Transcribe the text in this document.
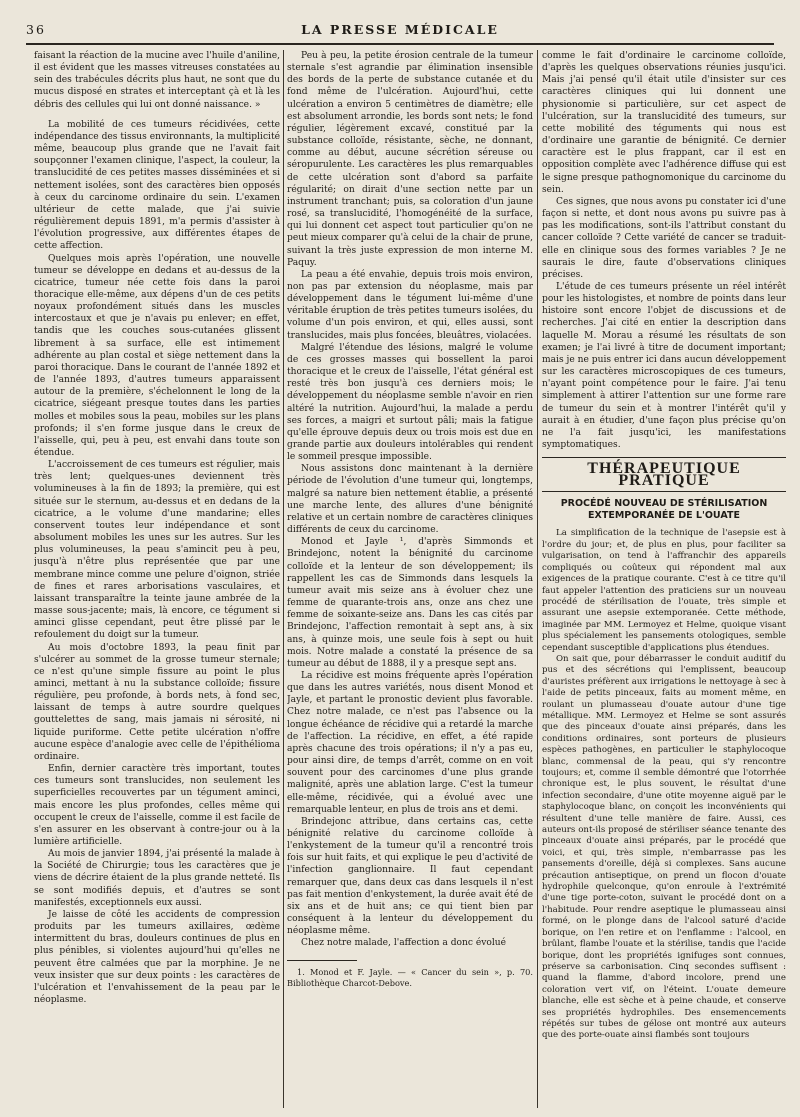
36	LA PRESSE MÉDICALE

faisant la réaction de la mucine avec l'huile d'aniline, il est évident que les masses vitreuses constatées au sein des trabécules décrits plus haut, ne sont que du mucus disposé en strates et interceptant çà et là les débris des cellules qui lui ont donné naissance. »

La mobilité de ces tumeurs récidivées, cette indépendance des tissus environnants, la multiplicité même, beaucoup plus grande que ne l'avait fait soupçonner l'examen clinique, l'aspect, la couleur, la translucidité de ces petites masses disséminées et si nettement isolées, sont des caractères bien opposés à ceux du carcinome ordinaire du sein. L'examen ultérieur de cette malade, que j'ai suivie régulièrement depuis 1891, m'a permis d'assister à l'évolution progressive, aux différentes étapes de cette affection.

Quelques mois après l'opération, une nouvelle tumeur se développe en dedans et au-dessus de la cicatrice, tumeur née cette fois dans la paroi thoracique elle-même, aux dépens d'un de ces petits noyaux profondément situés dans les muscles intercostaux et que je n'avais pu enlever; en effet, tandis que les couches sous-cutanées glissent librement à sa surface, elle est intimement adhérente au plan costal et siège nettement dans la paroi thoracique. Dans le courant de l'année 1892 et de l'année 1893, d'autres tumeurs apparaissent autour de la première, s'échelonnent le long de la cicatrice, siégeant presque toutes dans les parties molles et mobiles sous la peau, mobiles sur les plans profonds; il s'en forme jusque dans le creux de l'aisselle, qui, peu à peu, est envahi dans toute son étendue.

L'accroissement de ces tumeurs est régulier, mais très lent; quelques-unes deviennent très volumineuses à la fin de 1893; la première, qui est située sur le sternum, au-dessus et en dedans de la cicatrice, a le volume d'une mandarine; elles conservent toutes leur indépendance et sont absolument mobiles les unes sur les autres. Sur les plus volumineuses, la peau s'amincit peu à peu, jusqu'à n'être plus représentée que par une membrane mince comme une pelure d'oignon, striée de fines et rares arborisations vasculaires, et laissant transparaître la teinte jaune ambrée de la masse sous-jacente; mais, là encore, ce tégument si aminci glisse cependant, peut être plissé par le refoulement du doigt sur la tumeur.

Au mois d'octobre 1893, la peau finit par s'ulcérer au sommet de la grosse tumeur sternale; ce n'est qu'une simple fissure au point le plus aminci, mettant à nu la substance colloïde; fissure régulière, peu profonde, à bords nets, à fond sec, laissant de temps à autre sourdre quelques gouttelettes de sang, mais jamais ni sérosité, ni liquide puriforme. Cette petite ulcération n'offre aucune espèce d'analogie avec celle de l'épithélioma ordinaire.

Enfin, dernier caractère très important, toutes ces tumeurs sont translucides, non seulement les superficielles recouvertes par un tégument aminci, mais encore les plus profondes, celles même qui occupent le creux de l'aisselle, comme il est facile de s'en assurer en les observant à contre-jour ou à la lumière artificielle.

Au mois de janvier 1894, j'ai présenté la malade à la Société de Chirurgie; tous les caractères que je viens de décrire étaient de la plus grande netteté. Ils se sont modifiés depuis, et d'autres se sont manifestés, exceptionnels eux aussi.

Je laisse de côté les accidents de compression produits par les tumeurs axillaires, œdème intermittent du bras, douleurs continues de plus en plus pénibles, si violentes aujourd'hui qu'elles ne peuvent être calmées que par la morphine. Je ne veux insister que sur deux points : les caractères de l'ulcération et l'envahissement de la peau par le néoplasme.

Peu à peu, la petite érosion centrale de la tumeur sternale s'est agrandie par élimination insensible des bords de la perte de substance cutanée et du fond même de l'ulcération. Aujourd'hui, cette ulcération a environ 5 centimètres de diamètre; elle est absolument arrondie, les bords sont nets; le fond régulier, légèrement excavé, constitué par la substance colloïde, résistante, sèche, ne donnant, comme au début, aucune sécrétion séreuse ou séropurulente. Les caractères les plus remarquables de cette ulcération sont d'abord sa parfaite régularité; on dirait d'une section nette par un instrument tranchant; puis, sa coloration d'un jaune rosé, sa translucidité, l'homogénéité de la surface, qui lui donnent cet aspect tout particulier qu'on ne peut mieux comparer qu'à celui de la chair de prune, suivant la très juste expression de mon interne M. Paquy.

La peau a été envahie, depuis trois mois environ, non pas par extension du néoplasme, mais par développement dans le tégument lui-même d'une véritable éruption de très petites tumeurs isolées, du volume d'un pois environ, et qui, elles aussi, sont translucides, mais plus foncées, bleuâtres, violacées.

Malgré l'étendue des lésions, malgré le volume de ces grosses masses qui bossellent la paroi thoracique et le creux de l'aisselle, l'état général est resté très bon jusqu'à ces derniers mois; le développement du néoplasme semble n'avoir en rien altéré la nutrition. Aujourd'hui, la malade a perdu ses forces, a maigri et surtout pâli; mais la fatigue qu'elle éprouve depuis deux ou trois mois est due en grande partie aux douleurs intolérables qui rendent le sommeil presque impossible.

Nous assistons donc maintenant à la dernière période de l'évolution d'une tumeur qui, longtemps, malgré sa nature bien nettement établie, a présenté une marche lente, des allures d'une bénignité relative et un certain nombre de caractères cliniques différents de ceux du carcinome.

Monod et Jayle ¹, d'après Simmonds et Brindejonc, notent la bénignité du carcinome colloïde et la lenteur de son développement; ils rappellent les cas de Simmonds dans lesquels la tumeur avait mis seize ans à évoluer chez une femme de quarante-trois ans, onze ans chez une femme de soixante-seize ans. Dans les cas cités par Brindejonc, l'affection remontait à sept ans, à six ans, à quinze mois, une seule fois à sept ou huit mois. Notre malade a constaté la présence de sa tumeur au début de 1888, il y a presque sept ans.

La récidive est moins fréquente après l'opération que dans les autres variétés, nous disent Monod et Jayle, et partant le pronostic devient plus favorable. Chez notre malade, ce n'est pas l'absence ou la longue échéance de récidive qui a retardé la marche de l'affection. La récidive, en effet, a été rapide après chacune des trois opérations; il n'y a pas eu, pour ainsi dire, de temps d'arrêt, comme on en voit souvent pour des carcinomes d'une plus grande malignité, après une ablation large. C'est la tumeur elle-même, récidivée, qui a évolué avec une remarquable lenteur, en plus de trois ans et demi.

Brindejonc attribue, dans certains cas, cette bénignité relative du carcinome colloïde à l'enkystement de la tumeur qu'il a rencontré trois fois sur huit faits, et qui explique le peu d'activité de l'infection ganglionnaire. Il faut cependant remarquer que, dans deux cas dans lesquels il n'est pas fait mention d'enkystement, la durée avait été de six ans et de huit ans; ce qui tient bien par conséquent à la lenteur du développement du néoplasme même.

Chez notre malade, l'affection a donc évolué

1. Monod et F. Jayle. — « Cancer du sein », p. 70. Bibliothèque Charcot-Debove.

comme le fait d'ordinaire le carcinome colloïde, d'après les quelques observations réunies jusqu'ici. Mais j'ai pensé qu'il était utile d'insister sur ces caractères cliniques qui lui donnent une physionomie si particulière, sur cet aspect de l'ulcération, sur la translucidité des tumeurs, sur cette mobilité des téguments qui nous est d'ordinaire une garantie de bénignité. Ce dernier caractère est le plus frappant, car il est en opposition complète avec l'adhérence diffuse qui est le signe presque pathognomonique du carcinome du sein.

Ces signes, que nous avons pu constater ici d'une façon si nette, et dont nous avons pu suivre pas à pas les modifications, sont-ils l'attribut constant du cancer colloïde ? Cette variété de cancer se traduit-elle en clinique sous des formes variables ? Je ne saurais le dire, faute d'observations cliniques précises.

L'étude de ces tumeurs présente un réel intérêt pour les histologistes, et nombre de points dans leur histoire sont encore l'objet de discussions et de recherches. J'ai cité en entier la description dans laquelle M. Morau a résumé les résultats de son examen; je l'ai livré à titre de document important; mais je ne puis entrer ici dans aucun développement sur les caractères microscopiques de ces tumeurs, n'ayant point compétence pour le faire. J'ai tenu simplement à attirer l'attention sur une forme rare de tumeur du sein et à montrer l'intérêt qu'il y aurait à en étudier, d'une façon plus précise qu'on ne l'a fait jusqu'ici, les manifestations symptomatiques.

THÉRAPEUTIQUE PRATIQUE
PROCÉDÉ NOUVEAU DE STÉRILISATION
EXTEMPORANÉE DE L'OUATE

La simplification de la technique de l'asepsie est à l'ordre du jour; et, de plus en plus, pour faciliter sa vulgarisation, on tend à l'affranchir des appareils compliqués ou coûteux qui répondent mal aux exigences de la pratique courante. C'est à ce titre qu'il faut appeler l'attention des praticiens sur un nouveau procédé de stérilisation de l'ouate, très simple et assurant une asepsie extemporanée. Cette méthode, imaginée par MM. Lermoyez et Helme, quoique visant plus spécialement les pansements otologiques, semble cependant susceptible d'applications plus étendues.

On sait que, pour débarrasser le conduit auditif du pus et des sécrétions qui l'emplissent, beaucoup d'auristes préfèrent aux irrigations le nettoyage à sec à l'aide de petits pinceaux, faits au moment même, en roulant un plumasseau d'ouate autour d'une tige métallique. MM. Lermoyez et Helme se sont assurés que des pinceaux d'ouate ainsi préparés, dans les conditions ordinaires, sont porteurs de plusieurs espèces pathogènes, en particulier le staphylocoque blanc, commensal de la peau, qui s'y rencontre toujours; et, comme il semble démontré que l'otorrhée chronique est, le plus souvent, le résultat d'une infection secondaire, d'une otite moyenne aiguë par le staphylocoque blanc, on conçoit les inconvénients qui résultent d'une telle manière de faire. Aussi, ces auteurs ont-ils proposé de stériliser séance tenante des pinceaux d'ouate ainsi préparés, par le procédé que voici, et qui, très simple, n'embarrasse pas les pansements d'oreille, déjà si complexes. Sans aucune précaution antiseptique, on prend un flocon d'ouate hydrophile quelconque, qu'on enroule à l'extrémité d'une tige porte-coton, suivant le procédé dont on a l'habitude. Pour rendre aseptique le plumasseau ainsi formé, on le plonge dans de l'alcool saturé d'acide borique, on l'en retire et on l'enflamme : l'alcool, en brûlant, flambe l'ouate et la stérilise, tandis que l'acide borique, dont les propriétés ignifuges sont connues, préserve sa carbonisation. Cinq secondes suffisent : quand la flamme, d'abord incolore, prend une coloration vert vif, on l'éteint. L'ouate demeure blanche, elle est sèche et à peine chaude, et conserve ses propriétés hydrophiles. Des ensemencements répétés sur tubes de gélose ont montré aux auteurs que des porte-ouate ainsi flambés sont toujours
